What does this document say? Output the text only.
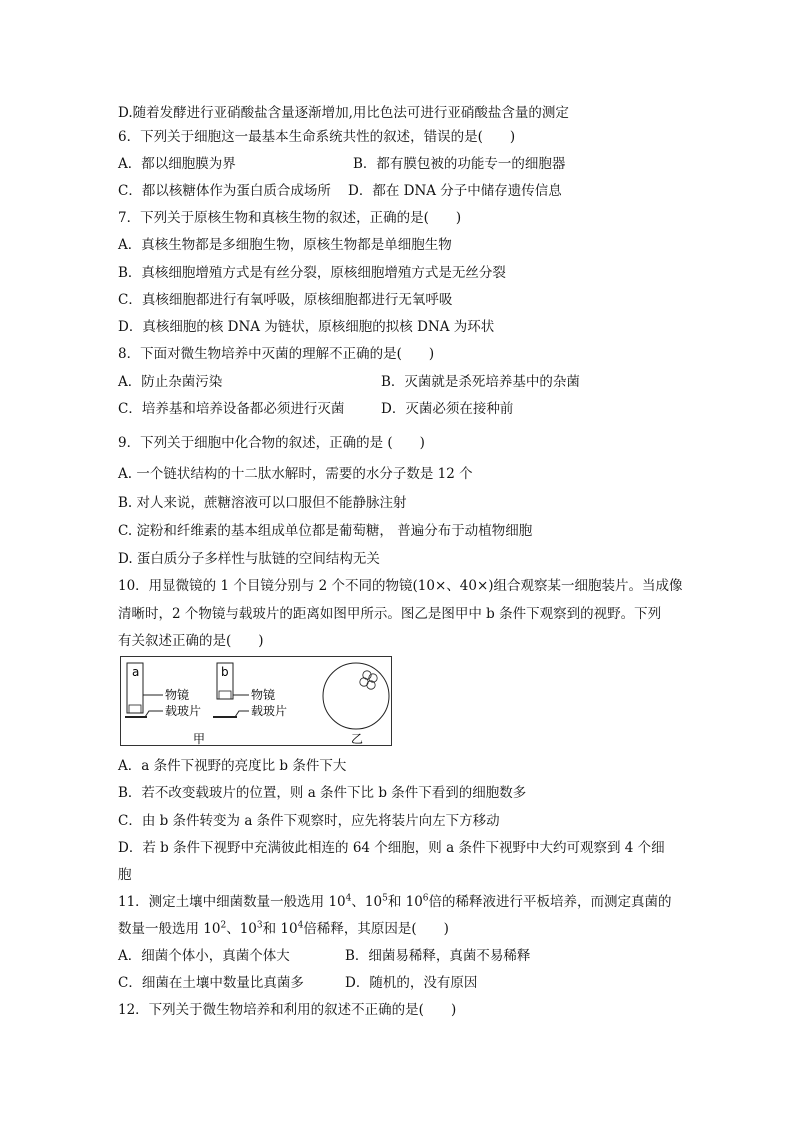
D.随着发酵进行亚硝酸盐含量逐渐增加,用比色法可进行亚硝酸盐含量的测定
6．下列关于细胞这一最基本生命系统共性的叙述，错误的是(　　)
A．都以细胞膜为界	B．都有膜包被的功能专一的细胞器
C．都以核糖体作为蛋白质合成场所 D．都在 DNA 分子中储存遗传信息
7．下列关于原核生物和真核生物的叙述，正确的是(　　)
A．真核生物都是多细胞生物，原核生物都是单细胞生物
B．真核细胞增殖方式是有丝分裂，原核细胞增殖方式是无丝分裂
C．真核细胞都进行有氧呼吸，原核细胞都进行无氧呼吸
D．真核细胞的核 DNA 为链状，原核细胞的拟核 DNA 为环状
8．下面对微生物培养中灭菌的理解不正确的是(　　)
A．防止杂菌污染	B．灭菌就是杀死培养基中的杂菌
C．培养基和培养设备都必须进行灭菌	D．灭菌必须在接种前
9．下列关于细胞中化合物的叙述，正确的是 (　　)
A. 一个链状结构的十二肽水解时，需要的水分子数是 12 个
B. 对人来说，蔗糖溶液可以口服但不能静脉注射
C. 淀粉和纤维素的基本组成单位都是葡萄糖， 普遍分布于动植物细胞
D. 蛋白质分子多样性与肽链的空间结构无关
10．用显微镜的 1 个目镜分别与 2 个不同的物镜(10×、40×)组合观察某一细胞装片。当成像
清晰时，2 个物镜与载玻片的距离如图甲所示。图乙是图甲中 b 条件下观察到的视野。下列
有关叙述正确的是(　　)
a
物镜
载玻片
b
物镜
载玻片
甲	乙
A．a 条件下视野的亮度比 b 条件下大
B．若不改变载玻片的位置，则 a 条件下比 b 条件下看到的细胞数多
C．由 b 条件转变为 a 条件下观察时，应先将装片向左下方移动
D．若 b 条件下视野中充满彼此相连的 64 个细胞，则 a 条件下视野中大约可观察到 4 个细
胞
11．测定土壤中细菌数量一般选用 $10^4$、$10^5$和 $10^6$倍的稀释液进行平板培养，而测定真菌的
数量一般选用 $10^2$、$10^3$和 $10^4$倍稀释，其原因是(　　)
A．细菌个体小，真菌个体大	B．细菌易稀释，真菌不易稀释
C．细菌在土壤中数量比真菌多	D．随机的，没有原因
12．下列关于微生物培养和利用的叙述不正确的是(　　)
